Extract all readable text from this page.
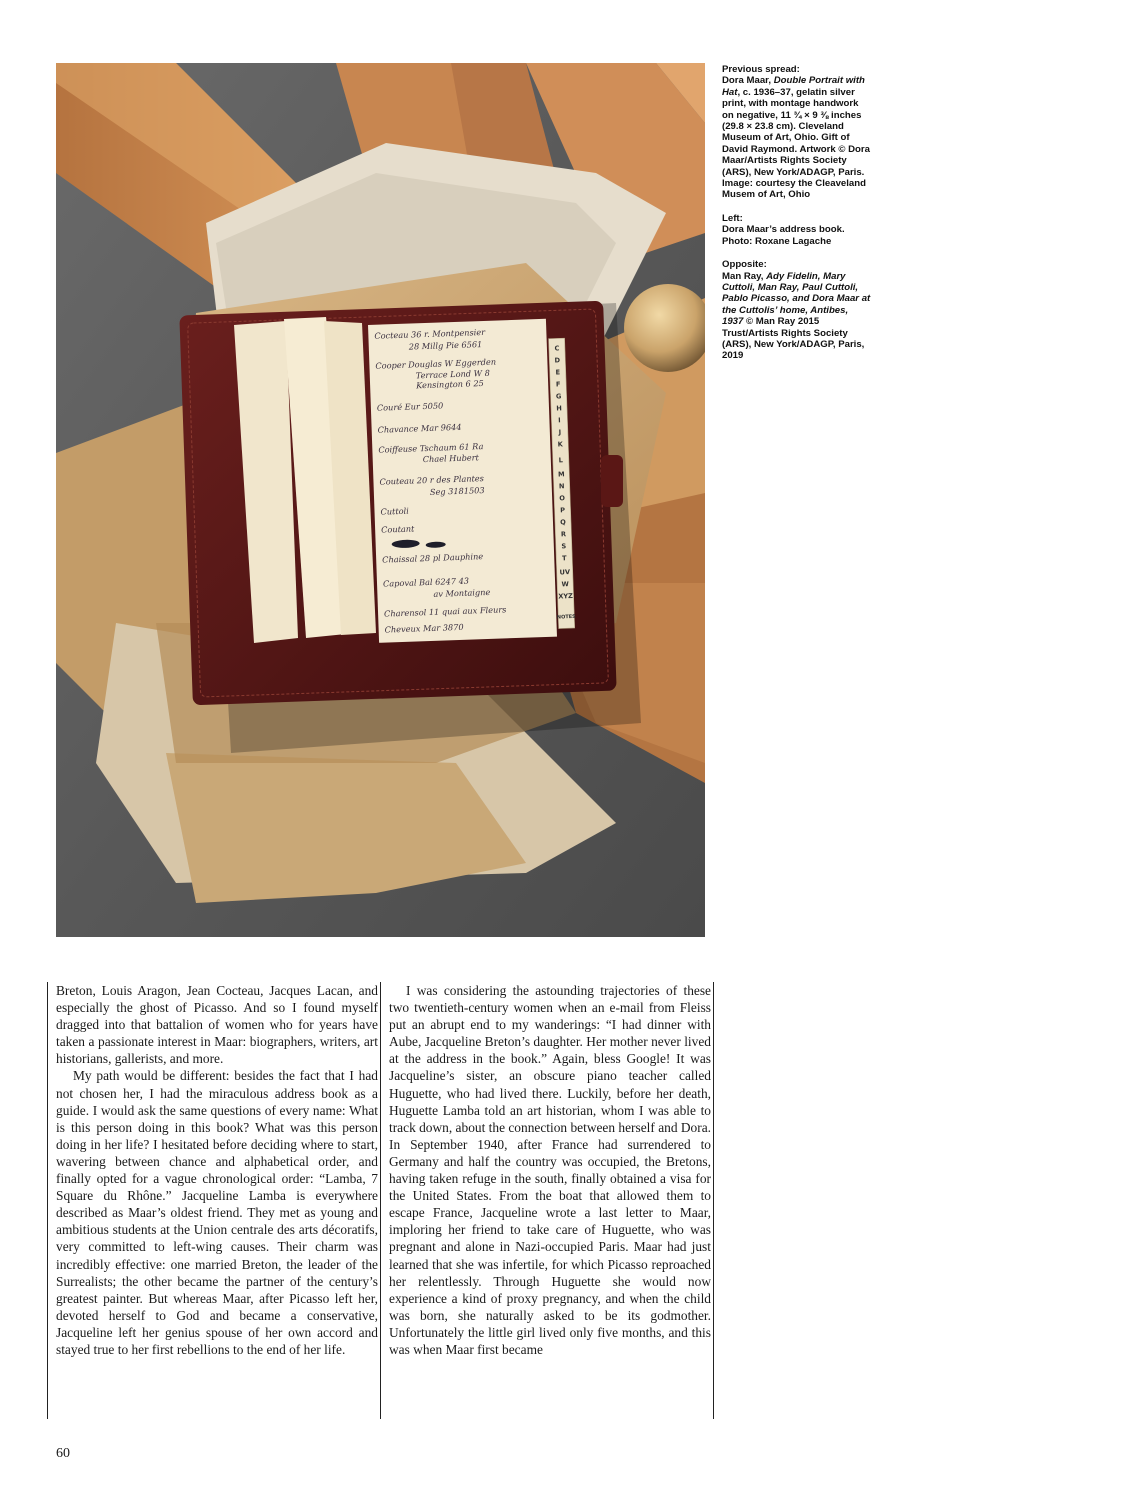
Cocteau 36 r. Montpensier
28 Millg Pie 6561
Cooper Douglas W Eggerden
Terrace Lond W 8
Kensington 6 25
Couré Eur 5050
Chavance Mar 9644
Coiffeuse Tschaum 61 Ra
Chael Hubert
Couteau 20 r des Plantes
Seg 3181503
Cuttoli
Coutant
Chaissal 28 pl Dauphine
Capoval Bal 6247 43
av Montaigne
Charensol 11 quai aux Fleurs
Cheveux Mar 3870
C
D
E
F
G
H
I
J
K
L
M
N
O
P
Q
R
S
T
UV
W
XYZ
NOTES

Previous spread:
Dora Maar, Double Portrait with Hat, c. 1936–37, gelatin silver print, with montage handwork on negative, 11 ¾ × 9 ⅜ inches (29.8 × 23.8 cm). Cleveland Museum of Art, Ohio. Gift of David Raymond. Artwork © Dora Maar/Artists Rights Society (ARS), New York/ADAGP, Paris. Image: courtesy the Cleaveland Musem of Art, Ohio

Left:
Dora Maar’s address book. Photo: Roxane Lagache

Opposite:
Man Ray, Ady Fidelin, Mary Cuttoli, Man Ray, Paul Cuttoli, Pablo Picasso, and Dora Maar at the Cuttolis’ home, Antibes, 1937 © Man Ray 2015 Trust/Artists Rights Society (ARS), New York/ADAGP, Paris, 2019

Breton, Louis Aragon, Jean Cocteau, Jacques Lacan, and especially the ghost of Picasso. And so I found myself dragged into that battalion of women who for years have taken a passionate interest in Maar: biographers, writers, art historians, gallerists, and more.

My path would be different: besides the fact that I had not chosen her, I had the miraculous address book as a guide. I would ask the same questions of every name: What is this person doing in this book? What was this person doing in her life? I hesitated before deciding where to start, wavering between chance and alphabetical order, and finally opted for a vague chronological order: “Lamba, 7 Square du Rhône.” Jacqueline Lamba is everywhere described as Maar’s oldest friend. They met as young and ambitious students at the Union centrale des arts décoratifs, very committed to left-wing causes. Their charm was incredibly effective: one married Breton, the leader of the Surrealists; the other became the partner of the century’s greatest painter. But whereas Maar, after Picasso left her, devoted herself to God and became a conservative, Jacqueline left her genius spouse of her own accord and stayed true to her first rebellions to the end of her life.

I was considering the astounding trajectories of these two twentieth-century women when an e-mail from Fleiss put an abrupt end to my wanderings: “I had dinner with Aube, Jacqueline Breton’s daughter. Her mother never lived at the address in the book.” Again, bless Google! It was Jacqueline’s sister, an obscure piano teacher called Huguette, who had lived there. Luckily, before her death, Huguette Lamba told an art historian, whom I was able to track down, about the connection between herself and Dora. In September 1940, after France had surrendered to Germany and half the country was occupied, the Bretons, having taken refuge in the south, finally obtained a visa for the United States. From the boat that allowed them to escape France, Jacqueline wrote a last letter to Maar, imploring her friend to take care of Huguette, who was pregnant and alone in Nazi-occupied Paris. Maar had just learned that she was infertile, for which Picasso reproached her relentlessly. Through Huguette she would now experience a kind of proxy pregnancy, and when the child was born, she naturally asked to be its godmother. Unfortunately the little girl lived only five months, and this was when Maar first became

60
